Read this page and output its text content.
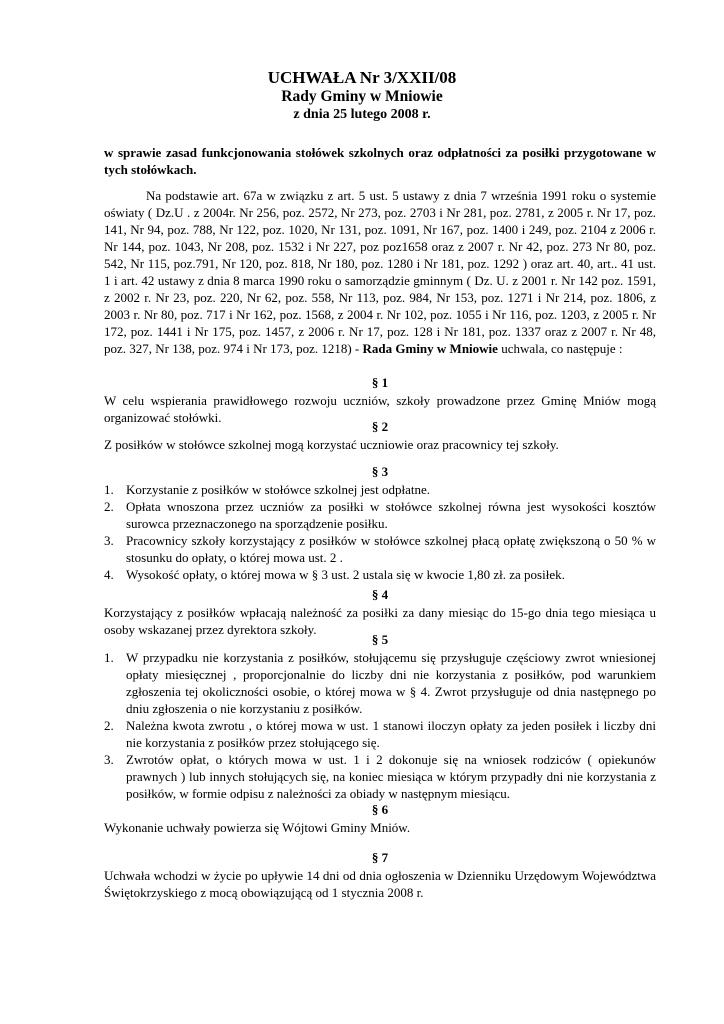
UCHWAŁA Nr 3/XXII/08
Rady Gminy w Mniowie
z dnia 25 lutego 2008 r.
w sprawie zasad funkcjonowania stołówek szkolnych oraz odpłatności za posiłki przygotowane w tych stołówkach.
Na podstawie art. 67a w związku z art. 5 ust. 5 ustawy z dnia 7 września 1991 roku o systemie oświaty ( Dz.U . z 2004r. Nr 256, poz. 2572, Nr 273, poz. 2703 i Nr 281, poz. 2781, z 2005 r. Nr 17, poz. 141, Nr 94, poz. 788, Nr 122, poz. 1020, Nr 131, poz. 1091, Nr 167, poz. 1400 i 249, poz. 2104 z 2006 r. Nr 144, poz. 1043, Nr 208, poz. 1532 i Nr 227, poz poz1658 oraz z 2007 r. Nr 42, poz. 273 Nr 80, poz. 542, Nr 115, poz.791, Nr 120, poz. 818, Nr 180, poz. 1280 i Nr 181, poz. 1292 ) oraz art. 40, art.. 41 ust. 1 i art. 42 ustawy z dnia 8 marca 1990 roku o samorządzie gminnym ( Dz. U. z 2001 r. Nr 142 poz. 1591, z 2002 r. Nr 23, poz. 220, Nr 62, poz. 558, Nr 113, poz. 984, Nr 153, poz. 1271 i Nr 214, poz. 1806, z 2003 r. Nr 80, poz. 717 i Nr 162, poz. 1568, z 2004 r. Nr 102, poz. 1055 i Nr 116, poz. 1203, z 2005 r. Nr 172, poz. 1441 i Nr 175, poz. 1457, z 2006 r. Nr 17, poz. 128 i Nr 181, poz. 1337 oraz z 2007 r. Nr 48, poz. 327, Nr 138, poz. 974 i Nr 173, poz. 1218) - Rada Gminy w Mniowie uchwala, co następuje :
§ 1
W celu wspierania prawidłowego rozwoju uczniów, szkoły prowadzone przez Gminę Mniów mogą organizować stołówki.
§ 2
Z posiłków w stołówce szkolnej mogą korzystać uczniowie oraz pracownicy tej szkoły.
§ 3
1. Korzystanie z posiłków w stołówce szkolnej jest odpłatne.
2. Opłata wnoszona przez uczniów za posiłki w stołówce szkolnej równa jest wysokości kosztów surowca przeznaczonego na sporządzenie posiłku.
3. Pracownicy szkoły korzystający z posiłków w stołówce szkolnej płacą opłatę zwiększoną o 50 % w stosunku do opłaty, o której mowa ust. 2 .
4. Wysokość opłaty, o której mowa w § 3 ust. 2 ustala się w kwocie 1,80 zł. za posiłek.
§ 4
Korzystający z posiłków wpłacają należność za posiłki za dany miesiąc do 15-go dnia tego miesiąca u osoby wskazanej przez dyrektora szkoły.
§ 5
1. W przypadku nie korzystania z posiłków, stołującemu się przysługuje częściowy zwrot wniesionej opłaty miesięcznej , proporcjonalnie do liczby dni nie korzystania z posiłków, pod warunkiem zgłoszenia tej okoliczności osobie, o której mowa w § 4. Zwrot przysługuje od dnia następnego po dniu zgłoszenia o nie korzystaniu z posiłków.
2. Należna kwota zwrotu , o której mowa w ust. 1 stanowi iloczyn opłaty za jeden posiłek i liczby dni nie korzystania z posiłków przez stołującego się.
3. Zwrotów opłat, o których mowa w ust. 1 i 2 dokonuje się na wniosek rodziców ( opiekunów prawnych ) lub innych stołujących się, na koniec miesiąca w którym przypadły dni nie korzystania z posiłków, w formie odpisu z należności za obiady w następnym miesiącu.
§ 6
Wykonanie uchwały powierza się Wójtowi Gminy Mniów.
§ 7
Uchwała wchodzi w życie po upływie 14 dni od dnia ogłoszenia w Dzienniku Urzędowym Województwa Świętokrzyskiego z mocą obowiązującą od 1 stycznia 2008 r.
